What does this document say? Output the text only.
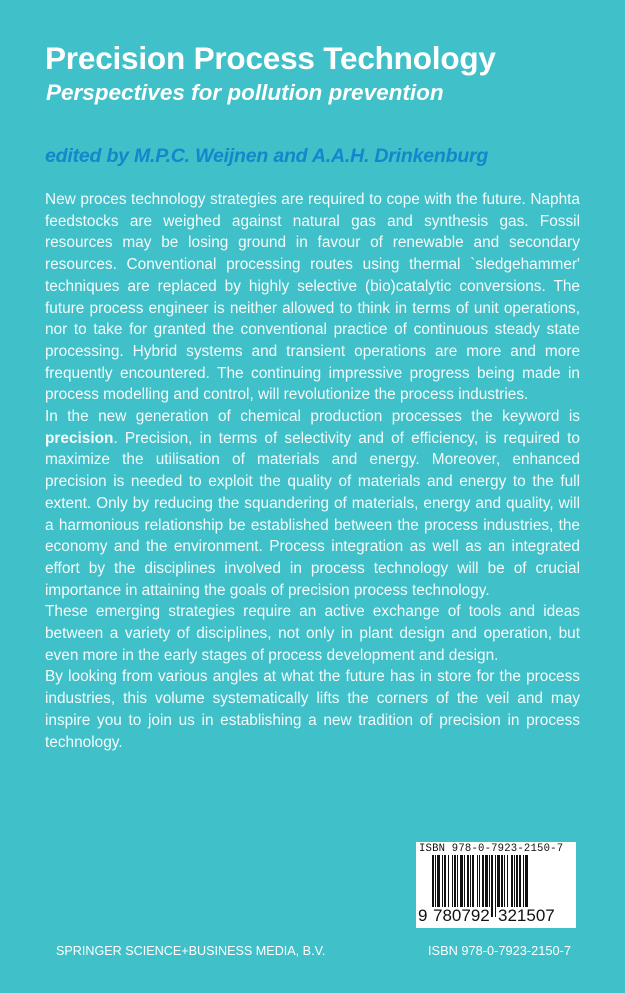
Precision Process Technology
Perspectives for pollution prevention
edited by M.P.C. Weijnen and A.A.H. Drinkenburg

New proces technology strategies are required to cope with the future. Naphta feedstocks are weighed against natural gas and synthesis gas. Fossil resources may be losing ground in favour of renewable and secondary resources. Conventional processing routes using thermal `sledgehammer' techniques are replaced by highly selective (bio)catalytic conversions. The future process engineer is neither allowed to think in terms of unit operations, nor to take for granted the conventional practice of continuous steady state processing. Hybrid systems and transient operations are more and more frequently encountered. The continuing impressive progress being made in process modelling and control, will revolutionize the process industries.

In the new generation of chemical production processes the keyword is precision. Precision, in terms of selectivity and of efficiency, is required to maximize the utilisation of materials and energy. Moreover, enhanced precision is needed to exploit the quality of materials and energy to the full extent. Only by reducing the squandering of materials, energy and quality, will a harmonious relationship be established between the process industries, the economy and the environment. Process integration as well as an integrated effort by the disciplines involved in process technology will be of crucial importance in attaining the goals of precision process technology.

These emerging strategies require an active exchange of tools and ideas between a variety of disciplines, not only in plant design and operation, but even more in the early stages of process development and design.

By looking from various angles at what the future has in store for the process industries, this volume systematically lifts the corners of the veil and may inspire you to join us in establishing a new tradition of precision in process technology.

ISBN 978-0-7923-2150-7
9 780792 321507
SPRINGER SCIENCE+BUSINESS MEDIA, B.V.	ISBN 978-0-7923-2150-7
